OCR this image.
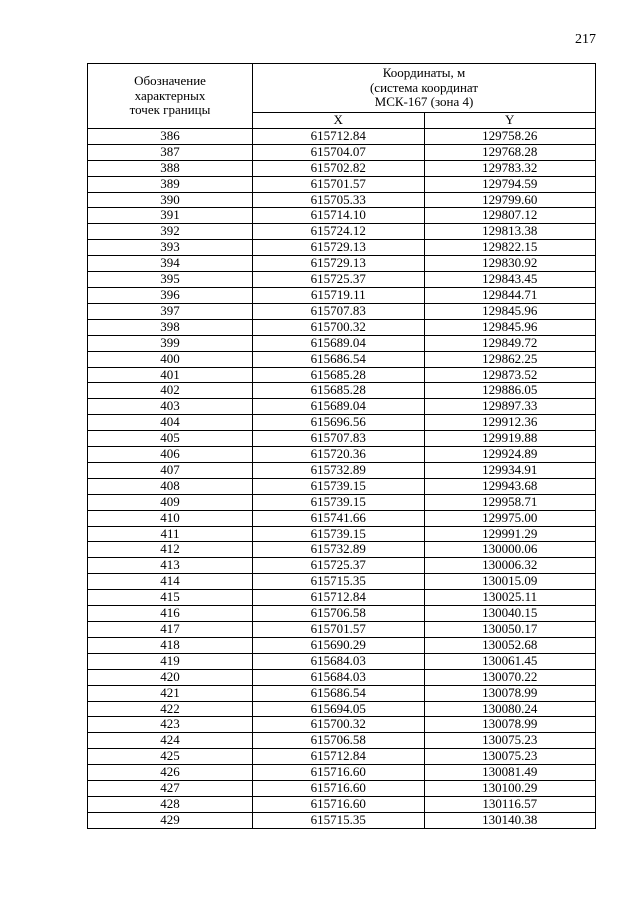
217
Обозначение
характерных
точек границы	Координаты, м
(система координат
МСК-167 (зона 4)	

	X	Y
386	615712.84	129758.26
387	615704.07	129768.28
388	615702.82	129783.32
389	615701.57	129794.59
390	615705.33	129799.60
391	615714.10	129807.12
392	615724.12	129813.38
393	615729.13	129822.15
394	615729.13	129830.92
395	615725.37	129843.45
396	615719.11	129844.71
397	615707.83	129845.96
398	615700.32	129845.96
399	615689.04	129849.72
400	615686.54	129862.25
401	615685.28	129873.52
402	615685.28	129886.05
403	615689.04	129897.33
404	615696.56	129912.36
405	615707.83	129919.88
406	615720.36	129924.89
407	615732.89	129934.91
408	615739.15	129943.68
409	615739.15	129958.71
410	615741.66	129975.00
411	615739.15	129991.29
412	615732.89	130000.06
413	615725.37	130006.32
414	615715.35	130015.09
415	615712.84	130025.11
416	615706.58	130040.15
417	615701.57	130050.17
418	615690.29	130052.68
419	615684.03	130061.45
420	615684.03	130070.22
421	615686.54	130078.99
422	615694.05	130080.24
423	615700.32	130078.99
424	615706.58	130075.23
425	615712.84	130075.23
426	615716.60	130081.49
427	615716.60	130100.29
428	615716.60	130116.57
429	615715.35	130140.38
